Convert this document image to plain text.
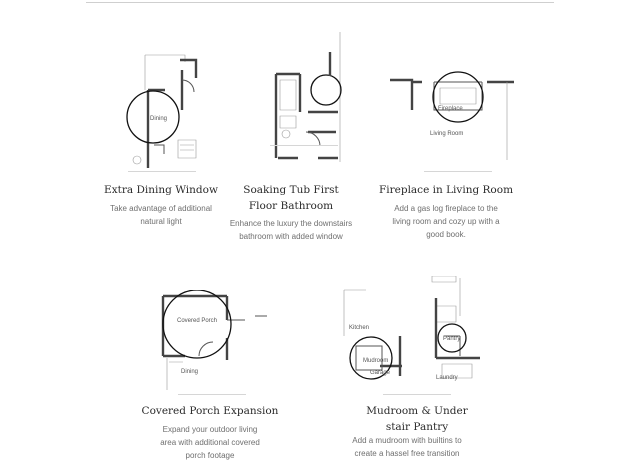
Dining
Extra Dining Window
Take advantage of additional natural light
Soaking Tub First Floor Bathroom
Enhance the luxury the downstairs bathroom with added window
Fireplace
Living Room
Fireplace in Living Room
Add a gas log fireplace to the living room and cozy up with a good book.
Covered Porch
Dining
Covered Porch Expansion
Expand your outdoor living area with additional covered porch footage
Kitchen
Pantry
Mudroom
Garage
Laundry
Mudroom & Under stair Pantry
Add a mudroom with builtins to create a hassel free transition
